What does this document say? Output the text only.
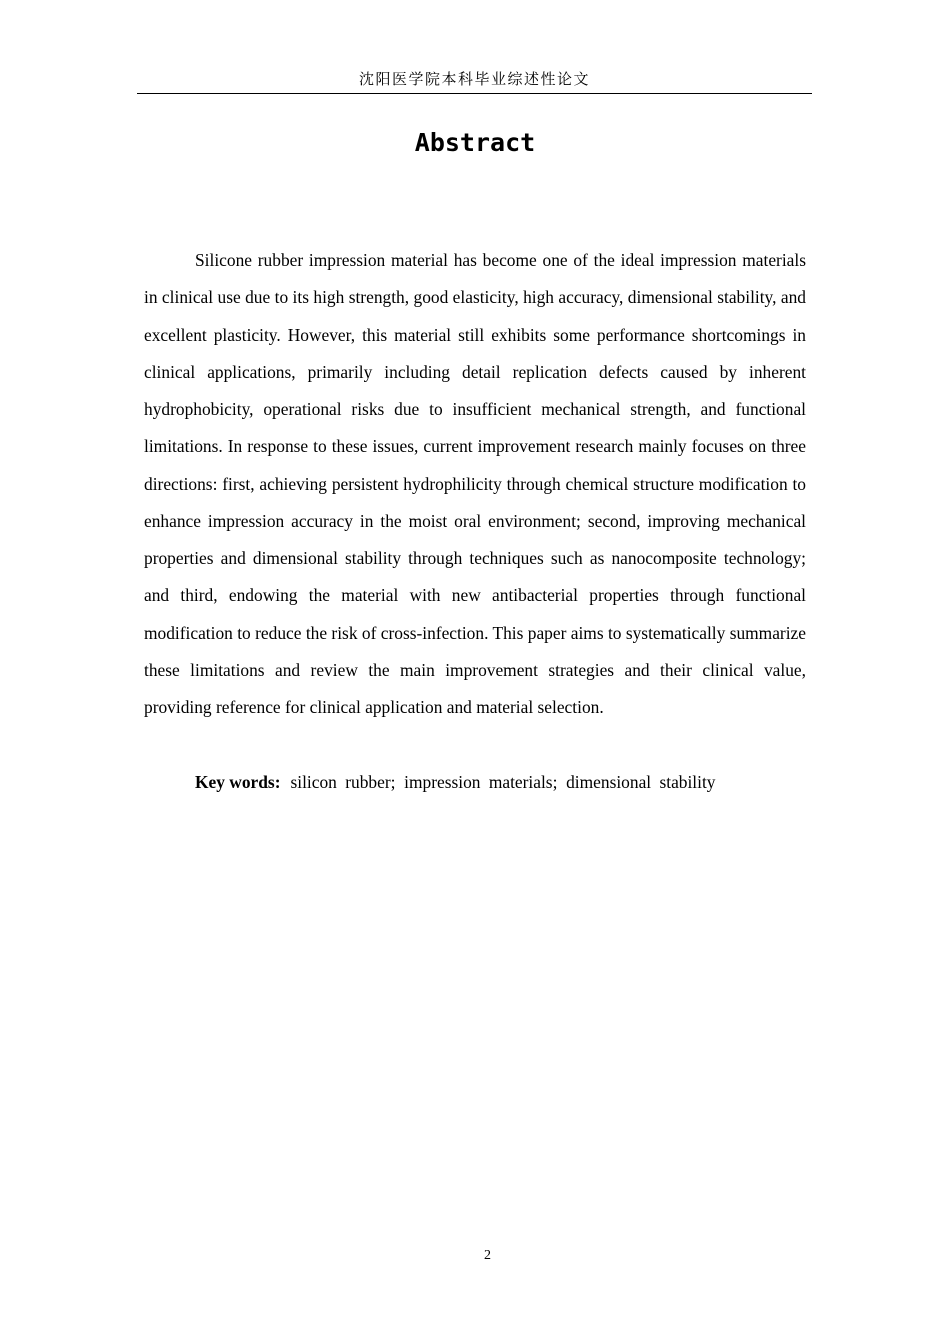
沈阳医学院本科毕业综述性论文
Abstract

Silicone rubber impression material has become one of the ideal impression materials in clinical use due to its high strength, good elasticity, high accuracy, dimensional stability, and excellent plasticity. However, this material still exhibits some performance shortcomings in clinical applications, primarily including detail replication defects caused by inherent hydrophobicity, operational risks due to insufficient mechanical strength, and functional limitations. In response to these issues, current improvement research mainly focuses on three directions: first, achieving persistent hydrophilicity through chemical structure modification to enhance impression accuracy in the moist oral environment; second, improving mechanical properties and dimensional stability through techniques such as nanocomposite technology; and third, endowing the material with new antibacterial properties through functional modification to reduce the risk of cross-infection. This paper aims to systematically summarize these limitations and review the main improvement strategies and their clinical value, providing reference for clinical application and material selection.

Key words: silicon rubber; impression materials; dimensional stability

2
